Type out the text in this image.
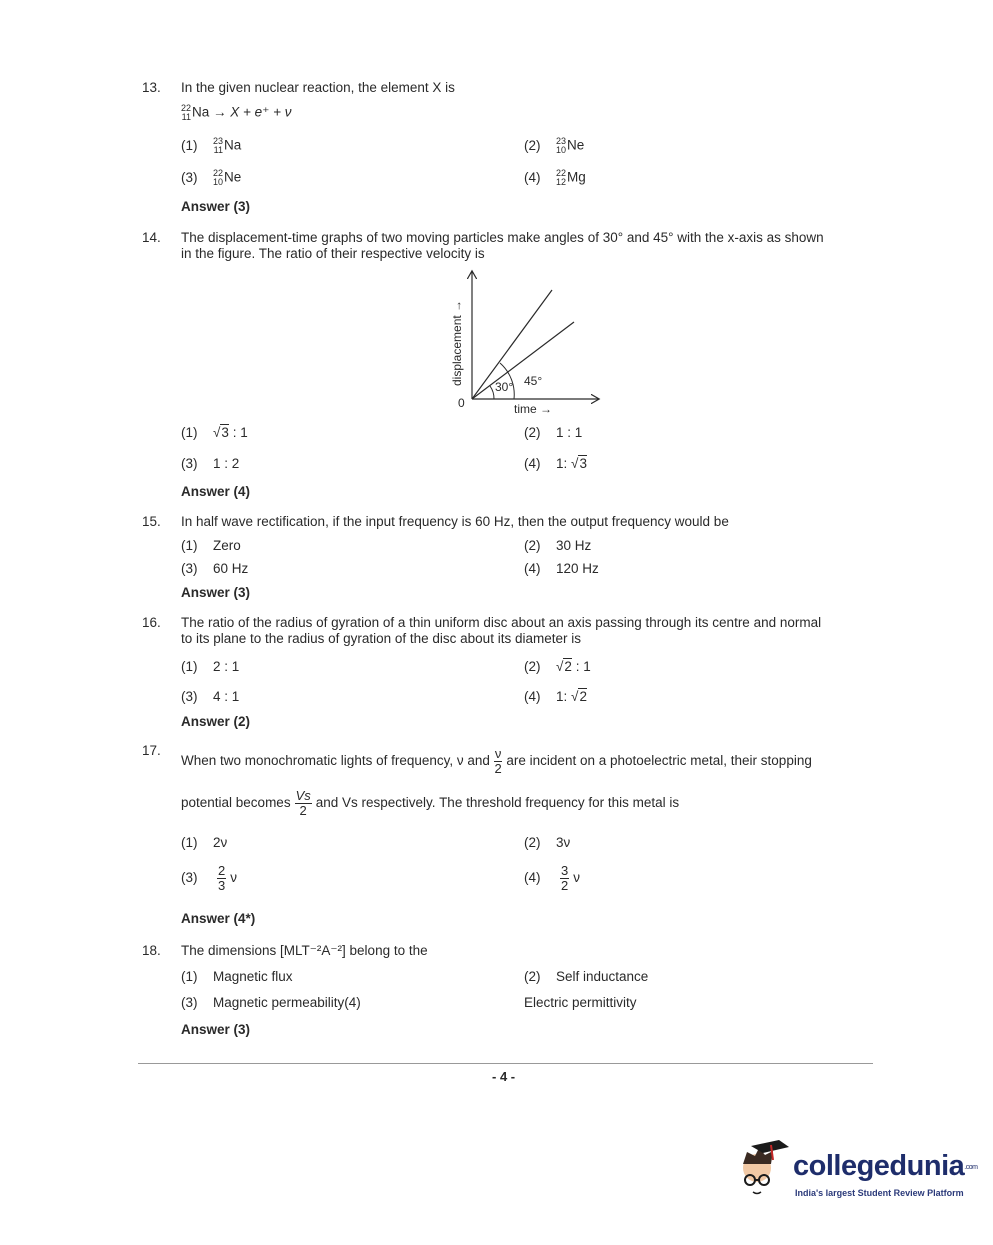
13. In the given nuclear reaction, the element X is
22
11 Na → X + e⁺ + ν
(1) 23
11 Na	(2) 23
10 Ne
(3) 22
10 Ne	(4) 22
12 Mg
Answer (3)
14. The displacement-time graphs of two moving particles make angles of 30° and 45° with the x-axis as shown
in the figure. The ratio of their respective velocity is
30° 45°
0	time →
displacement →
(1) √3 : 1	(2) 1 : 1
(3) 1 : 2	(4) 1: √3
Answer (4)
15. In half wave rectification, if the input frequency is 60 Hz, then the output frequency would be
(1) Zero	(2) 30 Hz
(3) 60 Hz	(4) 120 Hz
Answer (3)
16. The ratio of the radius of gyration of a thin uniform disc about an axis passing through its centre and normal
to its plane to the radius of gyration of the disc about its diameter is
(1) 2 : 1	(2) √2 : 1
(3) 4 : 1	(4) 1: √2
Answer (2)
17.
When two monochromatic lights of frequency, ν and $\frac{\nu}{2}$ are incident on a photoelectric metal, their stopping
potential becomes $\frac{Vs}{2}$ and Vs respectively. The threshold frequency for this metal is
(1) 2ν	(2) 3ν
$(3) \frac{2}{3}$ ν	$(4) \frac{3}{2}$ ν
Answer (4*)
18. The dimensions [MLT⁻²A⁻²] belong to the
(1) Magnetic flux	(2) Self inductance
(3) Magnetic permeability(4)	Electric permittivity
Answer (3)
- 4 -
collegedunia.com
India's largest Student Review Platform
